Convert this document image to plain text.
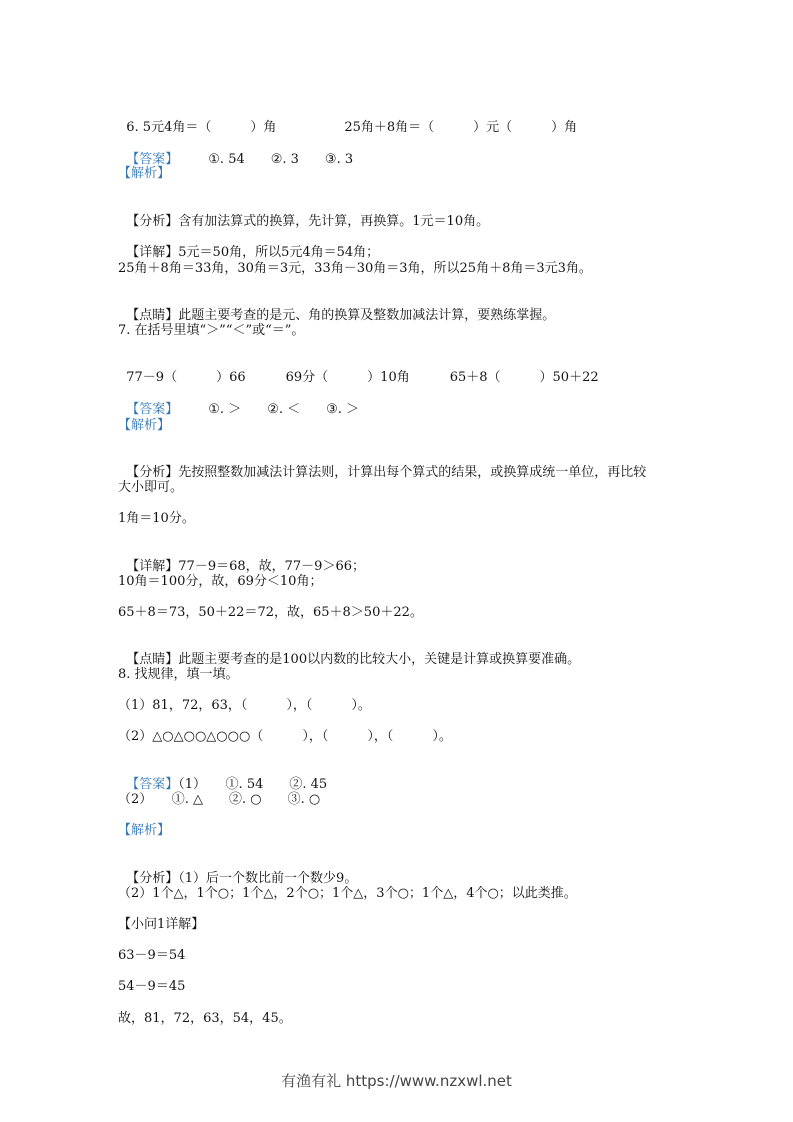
6. 5元4角＝（　　　）角	25角＋8角＝（　　　）元（　　　）角

【答案】 ①. 54　　②. 3　　③. 3

【解析】

【分析】含有加法算式的换算，先计算，再换算。1元＝10角。

【详解】5元＝50角，所以5元4角＝54角；

25角＋8角＝33角，30角＝3元，33角－30角＝3角，所以25角＋8角＝3元3角。

【点睛】此题主要考查的是元、角的换算及整数加减法计算，要熟练掌握。

7. 在括号里填“＞”“＜”或“＝”。

77－9（　　　）66	69分（　　　）10角	65＋8（　　　）50＋22

【答案】 ①. ＞　　②. ＜　　③. ＞

【解析】

【分析】先按照整数加减法计算法则，计算出每个算式的结果，或换算成统一单位，再比较

大小即可。
1角＝10分。

【详解】77－9＝68，故，77－9＞66；

10角＝100分，故，69分＜10角；
65＋8＝73，50＋22＝72，故，65＋8＞50＋22。

【点睛】此题主要考查的是100以内数的比较大小，关键是计算或换算要准确。

8. 找规律，填一填。
（1）81，72，63，（　　　），（　　　）。
（2）△○△○○△○○○（　　　），（　　　），（　　　）。

【答案】（1）　　①. 54　　②. 45

（2）　　①. △　　②. ○　　③. ○
【解析】

【分析】（1）后一个数比前一个数少9。

（2）1个△，1个○；1个△，2个○；1个△，3个○；1个△，4个○；以此类推。
【小问1详解】
63－9＝54
54－9＝45
故，81，72，63，54，45。
有渔有礼 https://www.nzxwl.net
